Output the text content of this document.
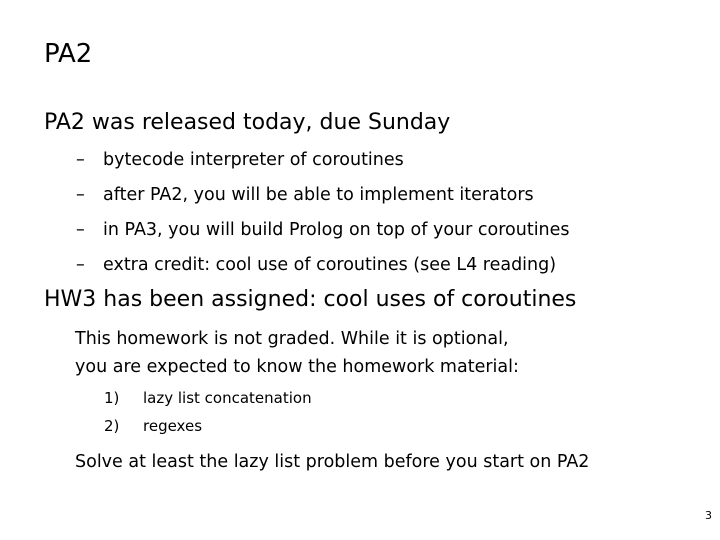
PA2
PA2 was released today, due Sunday
–	bytecode interpreter of coroutines
–	after PA2, you will be able to implement iterators
–	in PA3, you will build Prolog on top of your coroutines
–	extra credit: cool use of coroutines (see L4 reading)
HW3 has been assigned: cool uses of coroutines
This homework is not graded. While it is optional,
you are expected to know the homework material:
1) lazy list concatenation
2) regexes
Solve at least the lazy list problem before you start on PA2
3
